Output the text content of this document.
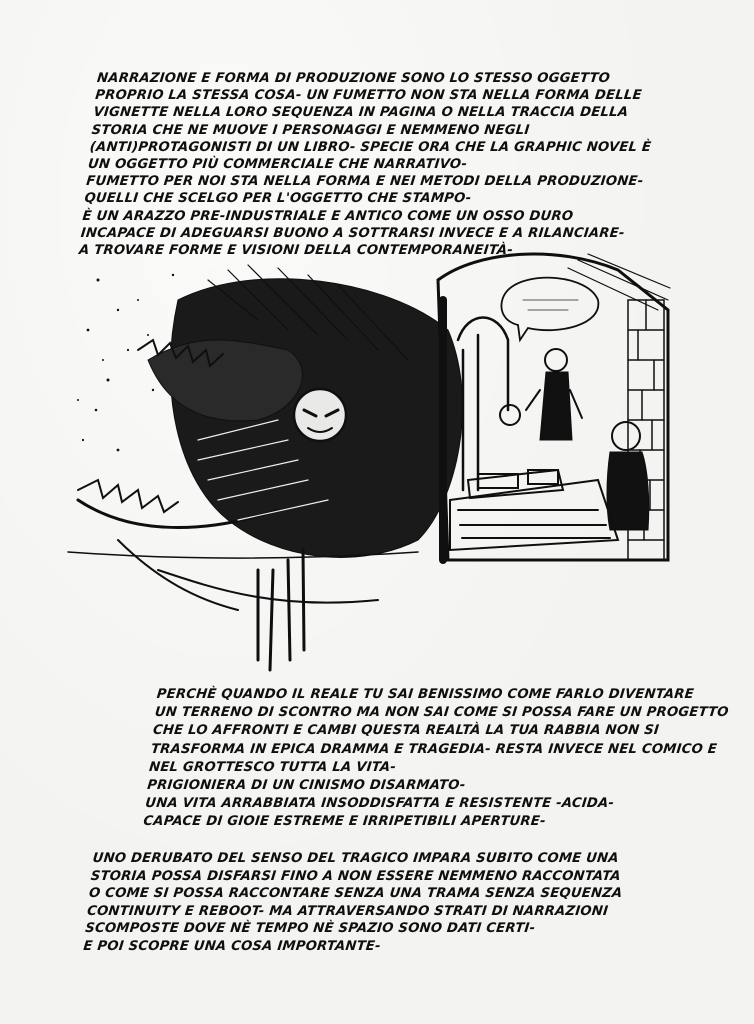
NARRAZIONE E FORMA DI PRODUZIONE SONO LO STESSO OGGETTO
PROPRIO LA STESSA COSA- UN FUMETTO NON STA NELLA FORMA DELLE
VIGNETTE NELLA LORO SEQUENZA IN PAGINA O NELLA TRACCIA DELLA
STORIA CHE NE MUOVE I PERSONAGGI E NEMMENO NEGLI
(ANTI)PROTAGONISTI DI UN LIBRO- SPECIE ORA CHE LA GRAPHIC NOVEL È
UN OGGETTO PIÙ COMMERCIALE CHE NARRATIVO-
FUMETTO PER NOI STA NELLA FORMA E NEI METODI DELLA PRODUZIONE-
QUELLI CHE SCELGO PER L'OGGETTO CHE STAMPO-
È UN ARAZZO PRE-INDUSTRIALE E ANTICO COME UN OSSO DURO
INCAPACE DI ADEGUARSI BUONO A SOTTRARSI INVECE E A RILANCIARE-
A TROVARE FORME E VISIONI DELLA CONTEMPORANEITÀ-
PERCHÈ QUANDO IL REALE TU SAI BENISSIMO COME FARLO DIVENTARE
UN TERRENO DI SCONTRO MA NON SAI COME SI POSSA FARE UN PROGETTO
CHE LO AFFRONTI E CAMBI QUESTA REALTÀ LA TUA RABBIA NON SI
TRASFORMA IN EPICA DRAMMA E TRAGEDIA- RESTA INVECE NEL COMICO E
NEL GROTTESCO TUTTA LA VITA-
PRIGIONIERA DI UN CINISMO DISARMATO-
UNA VITA ARRABBIATA INSODDISFATTA E RESISTENTE -ACIDA-
CAPACE DI GIOIE ESTREME E IRRIPETIBILI APERTURE-
UNO DERUBATO DEL SENSO DEL TRAGICO IMPARA SUBITO COME UNA
STORIA POSSA DISFARSI FINO A NON ESSERE NEMMENO RACCONTATA
O COME SI POSSA RACCONTARE SENZA UNA TRAMA SENZA SEQUENZA
CONTINUITY E REBOOT- MA ATTRAVERSANDO STRATI DI NARRAZIONI
SCOMPOSTE DOVE NÈ TEMPO NÈ SPAZIO SONO DATI CERTI-
E POI SCOPRE UNA COSA IMPORTANTE-
